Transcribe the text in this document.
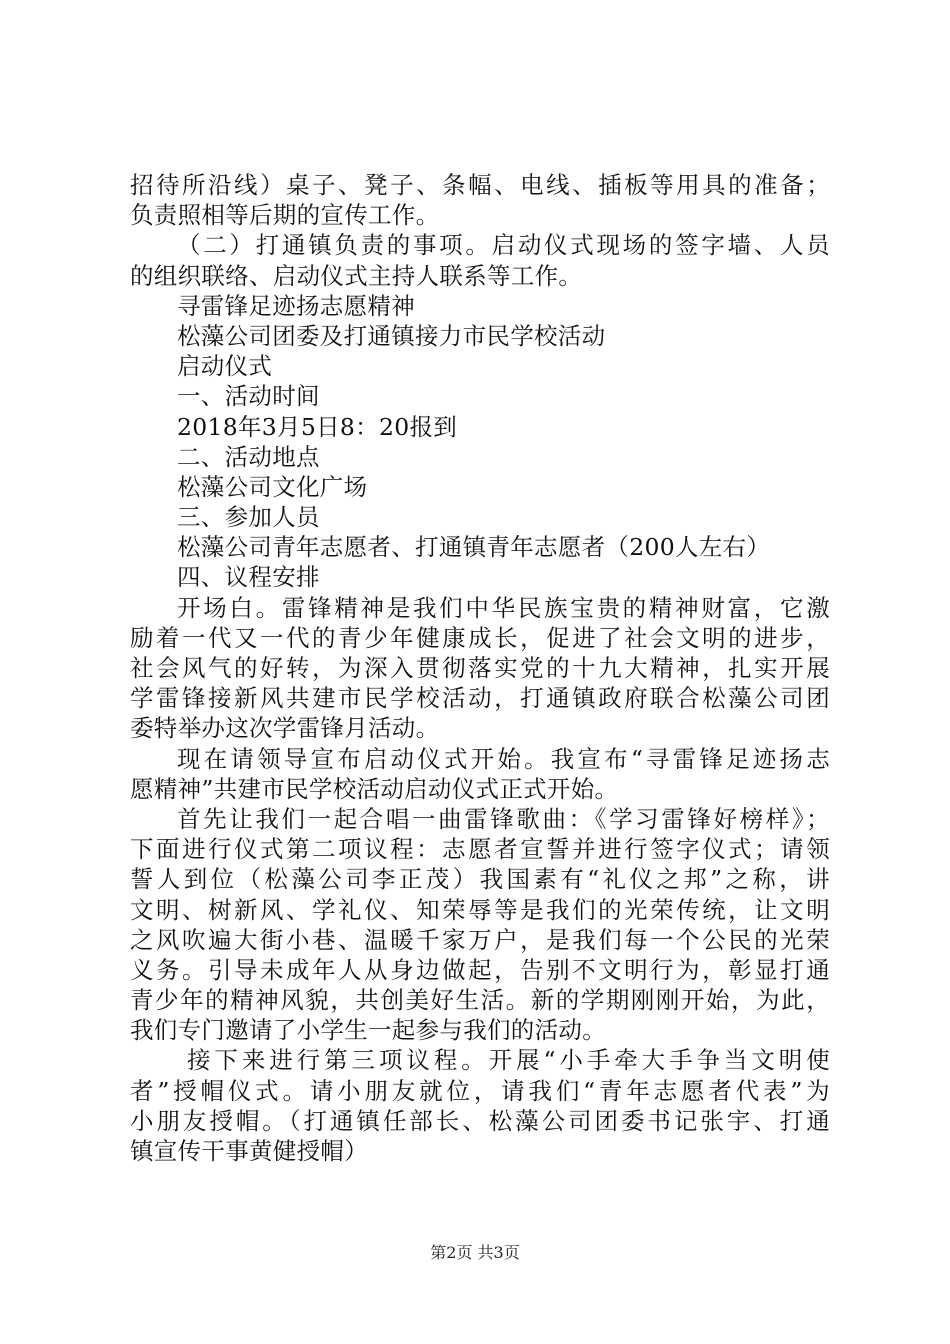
招待所沿线）桌子、凳子、条幅、电线、插板等用具的准备；
负责照相等后期的宣传工作。
（二）打通镇负责的事项。启动仪式现场的签字墙、人员
的组织联络、启动仪式主持人联系等工作。
寻雷锋足迹扬志愿精神
松藻公司团委及打通镇接力市民学校活动
启动仪式
一、活动时间
2018年3月5日8：20报到
二、活动地点
松藻公司文化广场
三、参加人员
松藻公司青年志愿者、打通镇青年志愿者（200人左右）
四、议程安排
开场白。雷锋精神是我们中华民族宝贵的精神财富，它激
励着一代又一代的青少年健康成长，促进了社会文明的进步，
社会风气的好转，为深入贯彻落实党的十九大精神，扎实开展
学雷锋接新风共建市民学校活动，打通镇政府联合松藻公司团
委特举办这次学雷锋月活动。
现在请领导宣布启动仪式开始。我宣布“寻雷锋足迹扬志
愿精神”共建市民学校活动启动仪式正式开始。
首先让我们一起合唱一曲雷锋歌曲：《学习雷锋好榜样》；
下面进行仪式第二项议程：志愿者宣誓并进行签字仪式；请领
誓人到位（松藻公司李正茂）我国素有“礼仪之邦”之称，讲
文明、树新风、学礼仪、知荣辱等是我们的光荣传统，让文明
之风吹遍大街小巷、温暖千家万户，是我们每一个公民的光荣
义务。引导未成年人从身边做起，告别不文明行为，彰显打通
青少年的精神风貌，共创美好生活。新的学期刚刚开始，为此，
我们专门邀请了小学生一起参与我们的活动。
接下来进行第三项议程。开展“小手牵大手争当文明使
者”授帽仪式。请小朋友就位，请我们“青年志愿者代表”为
小朋友授帽。（打通镇任部长、松藻公司团委书记张宇、打通
镇宣传干事黄健授帽）
第2页 共3页
